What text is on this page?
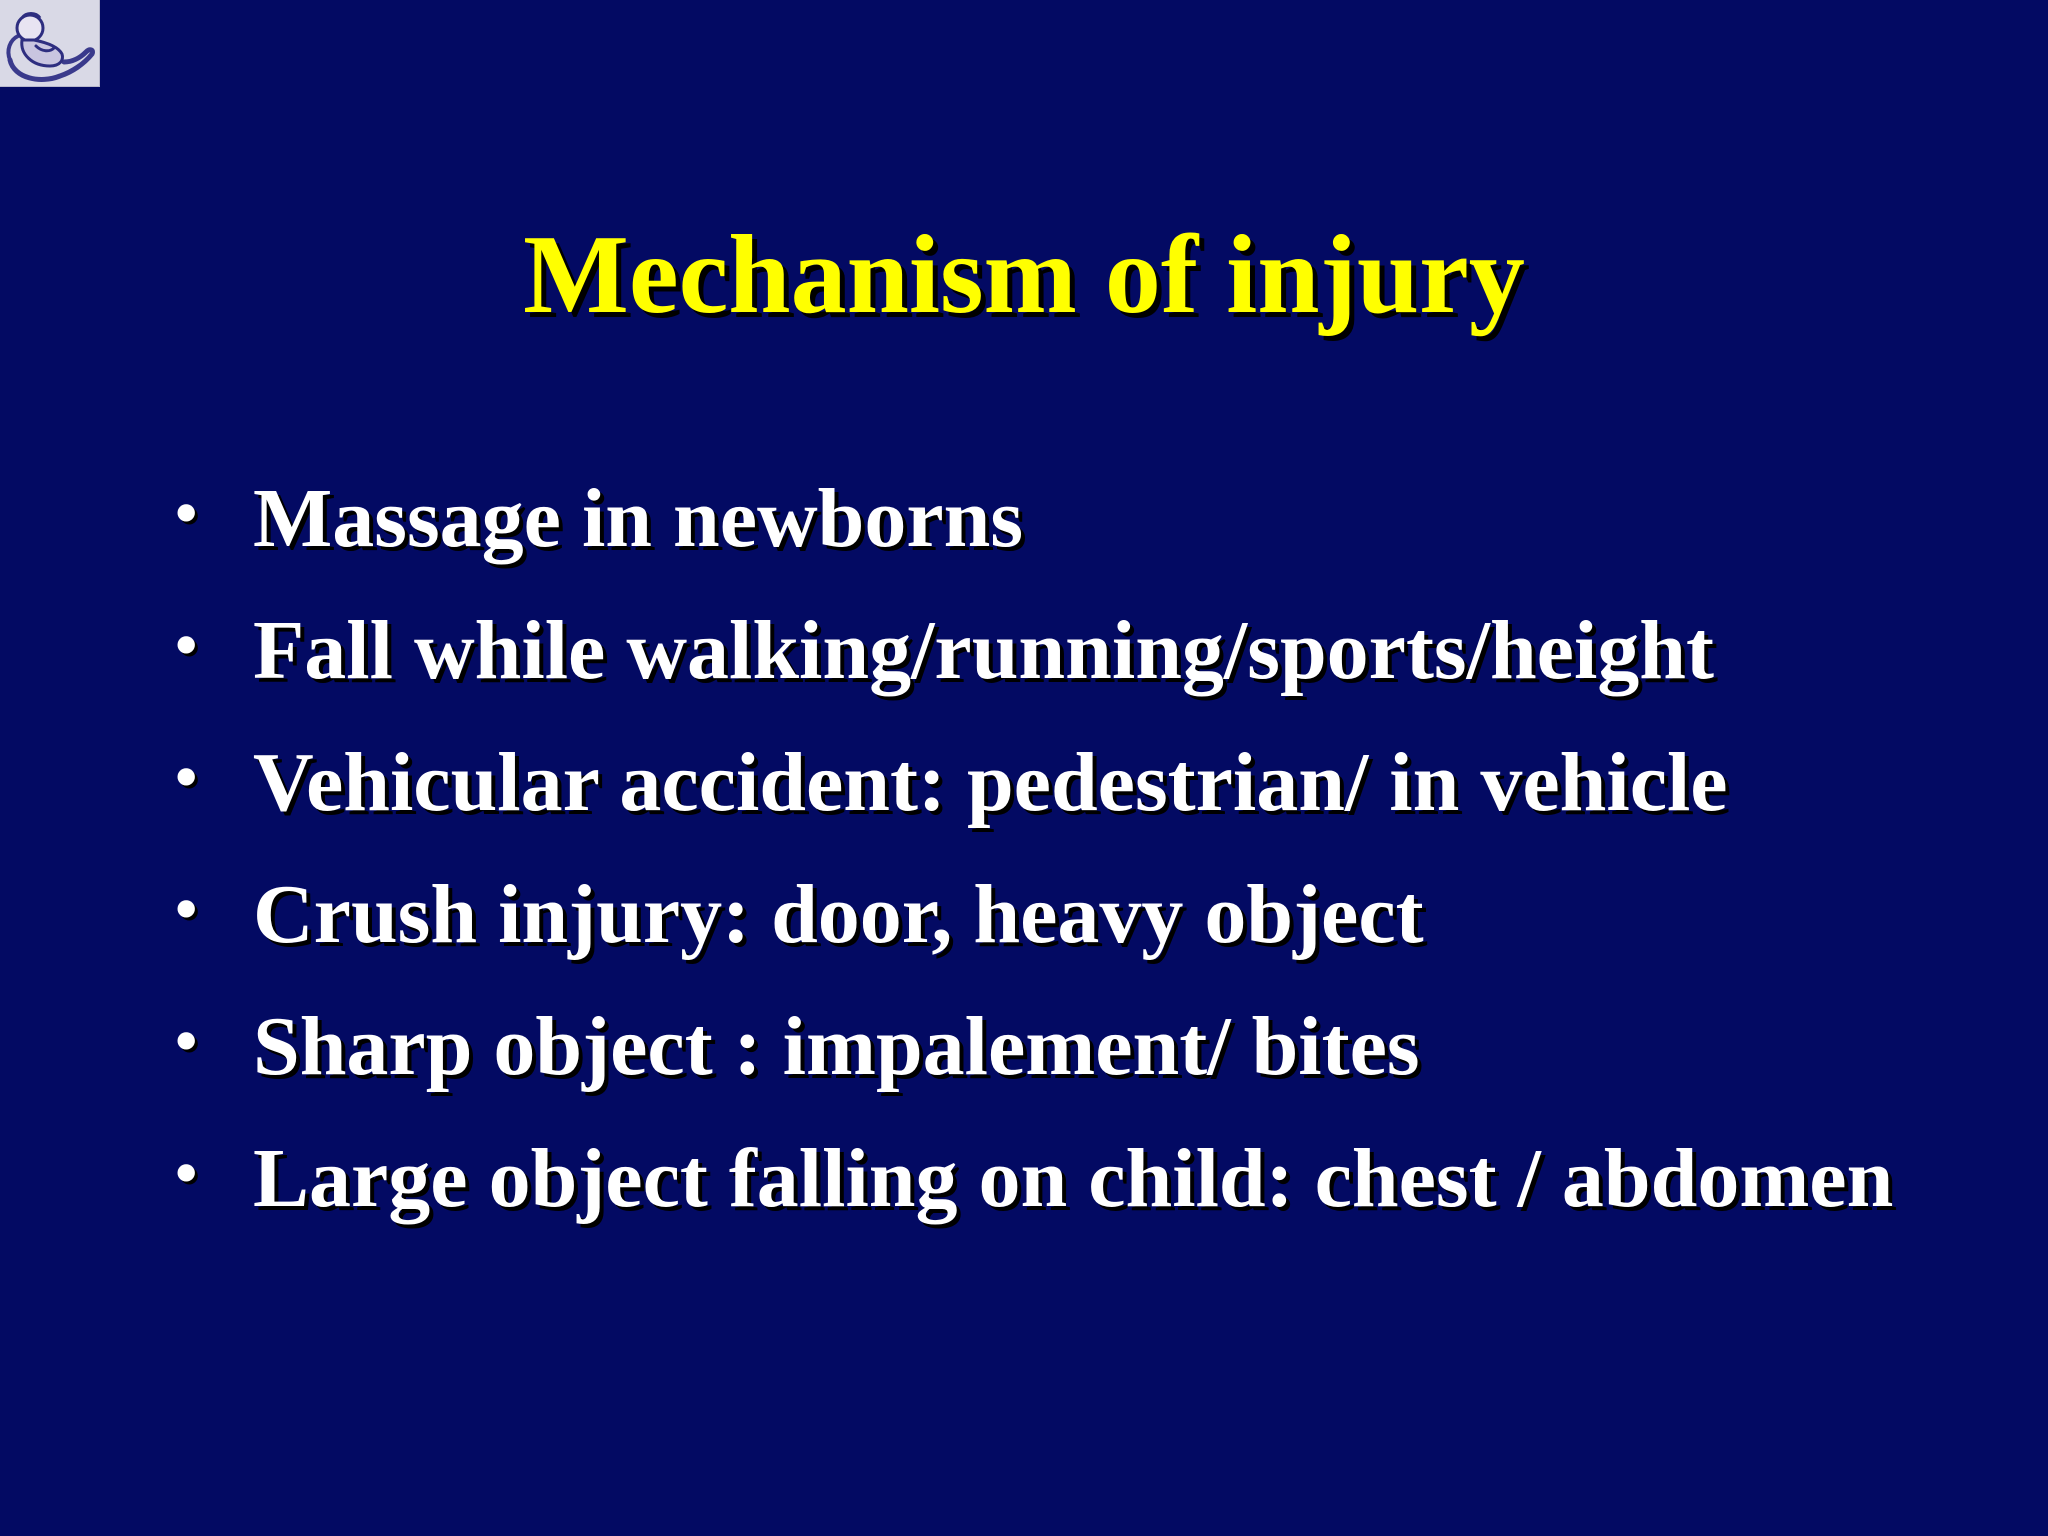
Mechanism of injury
• Massage in newborns
• Fall while walking/running/sports/height
• Vehicular accident: pedestrian/ in vehicle
• Crush injury: door, heavy object
• Sharp object : impalement/ bites
• Large object falling on child: chest / abdomen
